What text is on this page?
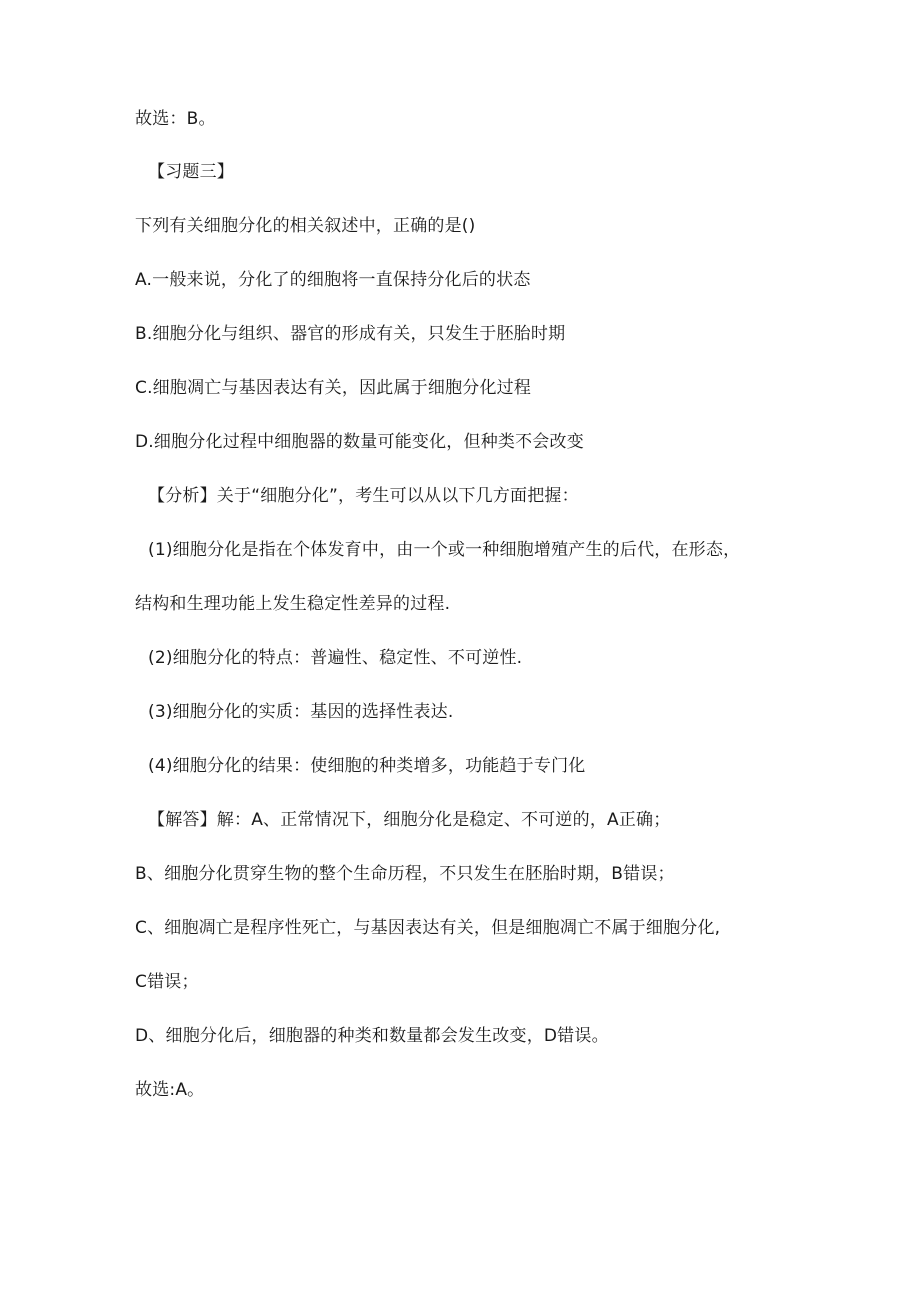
故选：B。
【习题三】
下列有关细胞分化的相关叙述中，正确的是()
A.一般来说，分化了的细胞将一直保持分化后的状态
B.细胞分化与组织、器官的形成有关，只发生于胚胎时期
C.细胞凋亡与基因表达有关，因此属于细胞分化过程
D.细胞分化过程中细胞器的数量可能变化，但种类不会改变
【分析】关于“细胞分化”，考生可以从以下几方面把握：
(1)细胞分化是指在个体发育中，由一个或一种细胞增殖产生的后代，在形态，
结构和生理功能上发生稳定性差异的过程.
(2)细胞分化的特点：普遍性、稳定性、不可逆性.
(3)细胞分化的实质：基因的选择性表达.
(4)细胞分化的结果：使细胞的种类增多，功能趋于专门化
【解答】解：A、正常情况下，细胞分化是稳定、不可逆的，A正确；
B、细胞分化贯穿生物的整个生命历程，不只发生在胚胎时期，B错误；
C、细胞凋亡是程序性死亡，与基因表达有关，但是细胞凋亡不属于细胞分化,
C错误；
D、细胞分化后，细胞器的种类和数量都会发生改变，D错误。
故选:A。
